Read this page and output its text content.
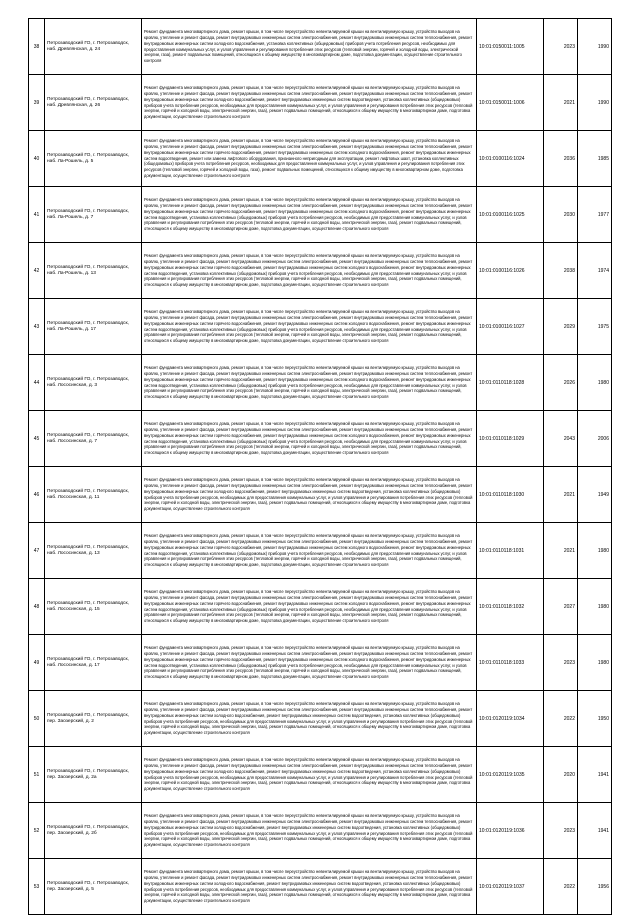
38	Петрозаводский ГО, г. Петрозаводск, наб. Древлянская, д. 24	Ремонт фундамента многоквартирного дома, ремонт крыши, в том числе переустройство невентилируемой крыши на вентилируемую крышу, устройство выходов на кровлю, утепление и ремонт фасада, ремонт внутридомовых инженерных систем электроснабжения, ремонт внутридомовых инженерных систем теплоснабжения, ремонт внутридомовых инженерных систем холодного водоснабжения, установка коллективных (общедомовых) приборов учета потребления ресурсов, необходимых для предоставления коммунальных услуг, и узлов управления и регулирования потребления этих ресурсов (тепловой энергии, горячей и холодной воды, электрической энергии, газа), ремонт подвальных помещений, относящихся к общему имуществу в многоквартирном доме, подготовка документации, осуществление строительного контроля	10:01:0150011:1005	2023	1990
39	Петрозаводский ГО, г. Петрозаводск, наб. Древлянская, д. 26	Ремонт фундамента многоквартирного дома, ремонт крыши, в том числе переустройство невентилируемой крыши на вентилируемую крышу, устройство выходов на кровлю, утепление и ремонт фасада, ремонт внутридомовых инженерных систем электроснабжения, ремонт внутридомовых инженерных систем теплоснабжения, ремонт внутридомовых инженерных систем холодного водоснабжения, ремонт внутридомовых инженерных систем водоотведения, установка коллективных (общедомовых) приборов учета потребления ресурсов, необходимых для предоставления коммунальных услуг, и узлов управления и регулирования потребления этих ресурсов (тепловой энергии, горячей и холодной воды, электрической энергии, газа), ремонт подвальных помещений, относящихся к общему имуществу в многоквартирном доме, подготовка документации, осуществление строительного контроля	10:01:0150011:1006	2021	1990
40	Петрозаводский ГО, г. Петрозаводск, наб. Ла-Рошель, д. 5	Ремонт фундамента многоквартирного дома, ремонт крыши, в том числе переустройство невентилируемой крыши на вентилируемую крышу, устройство выходов на кровлю, утепление и ремонт фасада, ремонт внутридомовых инженерных систем электроснабжения, ремонт внутридомовых инженерных систем теплоснабжения, ремонт внутридомовых инженерных систем горячего водоснабжения, ремонт внутридомовых инженерных систем холодного водоснабжения, ремонт внутридомовых инженерных систем водоотведения, ремонт или замена лифтового оборудования, признанного непригодным для эксплуатации, ремонт лифтовых шахт, установка коллективных (общедомовых) приборов учета потребления ресурсов, необходимых для предоставления коммунальных услуг, и узлов управления и регулирования потребления этих ресурсов (тепловой энергии, горячей и холодной воды, газа), ремонт подвальных помещений, относящихся к общему имуществу в многоквартирном доме, подготовка документации, осуществление строительного контроля	10:01:0100116:1024	2036	1985
41	Петрозаводский ГО, г. Петрозаводск, наб. Ла-Рошель, д. 7	Ремонт фундамента многоквартирного дома, ремонт крыши, в том числе переустройство невентилируемой крыши на вентилируемую крышу, устройство выходов на кровлю, утепление и ремонт фасада, ремонт внутридомовых инженерных систем электроснабжения, ремонт внутридомовых инженерных систем теплоснабжения, ремонт внутридомовых инженерных систем горячего водоснабжения, ремонт внутридомовых инженерных систем холодного водоснабжения, ремонт внутридомовых инженерных систем водоотведения, установка коллективных (общедомовых) приборов учета потребления ресурсов, необходимых для предоставления коммунальных услуг, и узлов управления и регулирования потребления этих ресурсов (тепловой энергии, горячей и холодной воды, электрической энергии, газа), ремонт подвальных помещений, относящихся к общему имуществу в многоквартирном доме, подготовка документации, осуществление строительного контроля	10:01:0100116:1025	2030	1977
42	Петрозаводский ГО, г. Петрозаводск, наб. Ла-Рошель, д. 13	Ремонт фундамента многоквартирного дома, ремонт крыши, в том числе переустройство невентилируемой крыши на вентилируемую крышу, устройство выходов на кровлю, утепление и ремонт фасада, ремонт внутридомовых инженерных систем электроснабжения, ремонт внутридомовых инженерных систем теплоснабжения, ремонт внутридомовых инженерных систем горячего водоснабжения, ремонт внутридомовых инженерных систем холодного водоснабжения, ремонт внутридомовых инженерных систем водоотведения, установка коллективных (общедомовых) приборов учета потребления ресурсов, необходимых для предоставления коммунальных услуг, и узлов управления и регулирования потребления этих ресурсов (тепловой энергии, горячей и холодной воды, электрической энергии, газа), ремонт подвальных помещений, относящихся к общему имуществу в многоквартирном доме, подготовка документации, осуществление строительного контроля	10:01:0100116:1026	2038	1974
43	Петрозаводский ГО, г. Петрозаводск, наб. Ла-Рошель, д. 17	Ремонт фундамента многоквартирного дома, ремонт крыши, в том числе переустройство невентилируемой крыши на вентилируемую крышу, устройство выходов на кровлю, утепление и ремонт фасада, ремонт внутридомовых инженерных систем электроснабжения, ремонт внутридомовых инженерных систем теплоснабжения, ремонт внутридомовых инженерных систем горячего водоснабжения, ремонт внутридомовых инженерных систем холодного водоснабжения, ремонт внутридомовых инженерных систем водоотведения, установка коллективных (общедомовых) приборов учета потребления ресурсов, необходимых для предоставления коммунальных услуг, и узлов управления и регулирования потребления этих ресурсов (тепловой энергии, горячей и холодной воды, электрической энергии, газа), ремонт подвальных помещений, относящихся к общему имуществу в многоквартирном доме, подготовка документации, осуществление строительного контроля	10:01:0100116:1027	2029	1975
44	Петрозаводский ГО, г. Петрозаводск, наб. Лососинская, д. 3	Ремонт фундамента многоквартирного дома, ремонт крыши, в том числе переустройство невентилируемой крыши на вентилируемую крышу, устройство выходов на кровлю, утепление и ремонт фасада, ремонт внутридомовых инженерных систем электроснабжения, ремонт внутридомовых инженерных систем теплоснабжения, ремонт внутридомовых инженерных систем горячего водоснабжения, ремонт внутридомовых инженерных систем холодного водоснабжения, ремонт внутридомовых инженерных систем водоотведения, установка коллективных (общедомовых) приборов учета потребления ресурсов, необходимых для предоставления коммунальных услуг, и узлов управления и регулирования потребления этих ресурсов (тепловой энергии, горячей и холодной воды, электрической энергии, газа), ремонт подвальных помещений, относящихся к общему имуществу в многоквартирном доме, подготовка документации, осуществление строительного контроля	10:01:0110118:1028	2026	1980
45	Петрозаводский ГО, г. Петрозаводск, наб. Лососинская, д. 7	Ремонт фундамента многоквартирного дома, ремонт крыши, в том числе переустройство невентилируемой крыши на вентилируемую крышу, устройство выходов на кровлю, утепление и ремонт фасада, ремонт внутридомовых инженерных систем электроснабжения, ремонт внутридомовых инженерных систем теплоснабжения, ремонт внутридомовых инженерных систем горячего водоснабжения, ремонт внутридомовых инженерных систем холодного водоснабжения, ремонт внутридомовых инженерных систем водоотведения, установка коллективных (общедомовых) приборов учета потребления ресурсов, необходимых для предоставления коммунальных услуг, и узлов управления и регулирования потребления этих ресурсов (тепловой энергии, горячей и холодной воды, электрической энергии, газа), ремонт подвальных помещений, относящихся к общему имуществу в многоквартирном доме, подготовка документации, осуществление строительного контроля	10:01:0110118:1029	2043	2006
46	Петрозаводский ГО, г. Петрозаводск, наб. Лососинская, д. 11	Ремонт фундамента многоквартирного дома, ремонт крыши, в том числе переустройство невентилируемой крыши на вентилируемую крышу, устройство выходов на кровлю, утепление и ремонт фасада, ремонт внутридомовых инженерных систем электроснабжения, ремонт внутридомовых инженерных систем теплоснабжения, ремонт внутридомовых инженерных систем холодного водоснабжения, ремонт внутридомовых инженерных систем водоотведения, установка коллективных (общедомовых) приборов учета потребления ресурсов, необходимых для предоставления коммунальных услуг, и узлов управления и регулирования потребления этих ресурсов (тепловой энергии, горячей и холодной воды, электрической энергии, газа), ремонт подвальных помещений, относящихся к общему имуществу в многоквартирном доме, подготовка документации, осуществление строительного контроля	10:01:0110118:1030	2021	1949
47	Петрозаводский ГО, г. Петрозаводск, наб. Лососинская, д. 13	Ремонт фундамента многоквартирного дома, ремонт крыши, в том числе переустройство невентилируемой крыши на вентилируемую крышу, устройство выходов на кровлю, утепление и ремонт фасада, ремонт внутридомовых инженерных систем электроснабжения, ремонт внутридомовых инженерных систем теплоснабжения, ремонт внутридомовых инженерных систем горячего водоснабжения, ремонт внутридомовых инженерных систем холодного водоснабжения, ремонт внутридомовых инженерных систем водоотведения, установка коллективных (общедомовых) приборов учета потребления ресурсов, необходимых для предоставления коммунальных услуг, и узлов управления и регулирования потребления этих ресурсов (тепловой энергии, горячей и холодной воды, электрической энергии, газа), ремонт подвальных помещений, относящихся к общему имуществу в многоквартирном доме, подготовка документации, осуществление строительного контроля	10:01:0110118:1031	2021	1980
48	Петрозаводский ГО, г. Петрозаводск, наб. Лососинская, д. 15	Ремонт фундамента многоквартирного дома, ремонт крыши, в том числе переустройство невентилируемой крыши на вентилируемую крышу, устройство выходов на кровлю, утепление и ремонт фасада, ремонт внутридомовых инженерных систем электроснабжения, ремонт внутридомовых инженерных систем теплоснабжения, ремонт внутридомовых инженерных систем горячего водоснабжения, ремонт внутридомовых инженерных систем холодного водоснабжения, ремонт внутридомовых инженерных систем водоотведения, установка коллективных (общедомовых) приборов учета потребления ресурсов, необходимых для предоставления коммунальных услуг, и узлов управления и регулирования потребления этих ресурсов (тепловой энергии, горячей и холодной воды, электрической энергии, газа), ремонт подвальных помещений, относящихся к общему имуществу в многоквартирном доме, подготовка документации, осуществление строительного контроля	10:01:0110118:1032	2027	1980
49	Петрозаводский ГО, г. Петрозаводск, наб. Лососинская, д. 17	Ремонт фундамента многоквартирного дома, ремонт крыши, в том числе переустройство невентилируемой крыши на вентилируемую крышу, устройство выходов на кровлю, утепление и ремонт фасада, ремонт внутридомовых инженерных систем электроснабжения, ремонт внутридомовых инженерных систем теплоснабжения, ремонт внутридомовых инженерных систем горячего водоснабжения, ремонт внутридомовых инженерных систем холодного водоснабжения, ремонт внутридомовых инженерных систем водоотведения, установка коллективных (общедомовых) приборов учета потребления ресурсов, необходимых для предоставления коммунальных услуг, и узлов управления и регулирования потребления этих ресурсов (тепловой энергии, горячей и холодной воды, электрической энергии, газа), ремонт подвальных помещений, относящихся к общему имуществу в многоквартирном доме, подготовка документации, осуществление строительного контроля	10:01:0110118:1033	2023	1980
50	Петрозаводский ГО, г. Петрозаводск, пер. Заозерский, д. 2	Ремонт фундамента многоквартирного дома, ремонт крыши, в том числе переустройство невентилируемой крыши на вентилируемую крышу, устройство выходов на кровлю, утепление и ремонт фасада, ремонт внутридомовых инженерных систем электроснабжения, ремонт внутридомовых инженерных систем теплоснабжения, ремонт внутридомовых инженерных систем холодного водоснабжения, ремонт внутридомовых инженерных систем водоотведения, установка коллективных (общедомовых) приборов учета потребления ресурсов, необходимых для предоставления коммунальных услуг, и узлов управления и регулирования потребления этих ресурсов (тепловой энергии, горячей и холодной воды, электрической энергии, газа), ремонт подвальных помещений, относящихся к общему имуществу в многоквартирном доме, подготовка документации, осуществление строительного контроля	10:01:0120119:1034	2022	1950
51	Петрозаводский ГО, г. Петрозаводск, пер. Заозерский, д. 2а	Ремонт фундамента многоквартирного дома, ремонт крыши, в том числе переустройство невентилируемой крыши на вентилируемую крышу, устройство выходов на кровлю, утепление и ремонт фасада, ремонт внутридомовых инженерных систем электроснабжения, ремонт внутридомовых инженерных систем теплоснабжения, ремонт внутридомовых инженерных систем холодного водоснабжения, ремонт внутридомовых инженерных систем водоотведения, установка коллективных (общедомовых) приборов учета потребления ресурсов, необходимых для предоставления коммунальных услуг, и узлов управления и регулирования потребления этих ресурсов (тепловой энергии, горячей и холодной воды, электрической энергии, газа), ремонт подвальных помещений, относящихся к общему имуществу в многоквартирном доме, подготовка документации, осуществление строительного контроля	10:01:0120119:1035	2020	1941
52	Петрозаводский ГО, г. Петрозаводск, пер. Заозерский, д. 2б	Ремонт фундамента многоквартирного дома, ремонт крыши, в том числе переустройство невентилируемой крыши на вентилируемую крышу, устройство выходов на кровлю, утепление и ремонт фасада, ремонт внутридомовых инженерных систем электроснабжения, ремонт внутридомовых инженерных систем теплоснабжения, ремонт внутридомовых инженерных систем холодного водоснабжения, ремонт внутридомовых инженерных систем водоотведения, установка коллективных (общедомовых) приборов учета потребления ресурсов, необходимых для предоставления коммунальных услуг, и узлов управления и регулирования потребления этих ресурсов (тепловой энергии, горячей и холодной воды, электрической энергии, газа), ремонт подвальных помещений, относящихся к общему имуществу в многоквартирном доме, подготовка документации, осуществление строительного контроля	10:01:0120119:1036	2023	1941
53	Петрозаводский ГО, г. Петрозаводск, пер. Заозерский, д. 5	Ремонт фундамента многоквартирного дома, ремонт крыши, в том числе переустройство невентилируемой крыши на вентилируемую крышу, устройство выходов на кровлю, утепление и ремонт фасада, ремонт внутридомовых инженерных систем электроснабжения, ремонт внутридомовых инженерных систем теплоснабжения, ремонт внутридомовых инженерных систем холодного водоснабжения, ремонт внутридомовых инженерных систем водоотведения, установка коллективных (общедомовых) приборов учета потребления ресурсов, необходимых для предоставления коммунальных услуг, и узлов управления и регулирования потребления этих ресурсов (тепловой энергии, горячей и холодной воды, электрической энергии, газа), ремонт подвальных помещений, относящихся к общему имуществу в многоквартирном доме, подготовка документации, осуществление строительного контроля	10:01:0120119:1037	2022	1956
